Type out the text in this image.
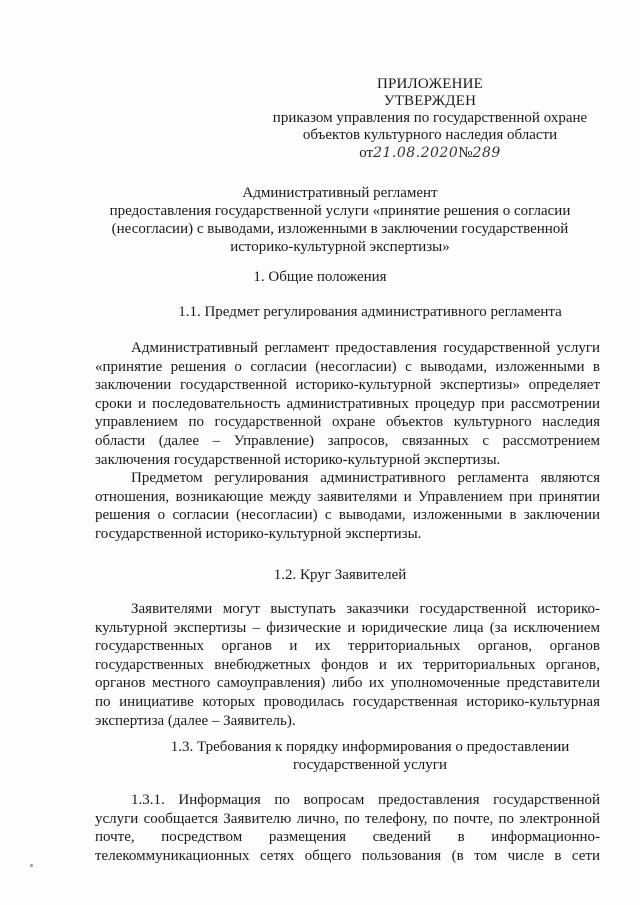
ПРИЛОЖЕНИЕ
УТВЕРЖДЕН
приказом управления по государственной охране
объектов культурного наследия области
от21.08.2020№289
Административный регламент
предоставления государственной услуги «принятие решения о согласии
(несогласии) с выводами, изложенными в заключении государственной
историко-культурной экспертизы»
1. Общие положения
1.1. Предмет регулирования административного регламента
Административный регламент предоставления государственной услуги
«принятие решения о согласии (несогласии) с выводами, изложенными в
заключении государственной историко-культурной экспертизы» определяет
сроки и последовательность административных процедур при рассмотрении
управлением по государственной охране объектов культурного наследия
области (далее – Управление) запросов, связанных с рассмотрением
заключения государственной историко-культурной экспертизы.
Предметом регулирования административного регламента являются
отношения, возникающие между заявителями и Управлением при принятии
решения о согласии (несогласии) с выводами, изложенными в заключении
государственной историко-культурной экспертизы.
1.2. Круг Заявителей
Заявителями могут выступать заказчики государственной историко-
культурной экспертизы – физические и юридические лица (за исключением
государственных органов и их территориальных органов, органов
государственных внебюджетных фондов и их территориальных органов,
органов местного самоуправления) либо их уполномоченные представители
по инициативе которых проводилась государственная историко-культурная
экспертиза (далее – Заявитель).
1.3. Требования к порядку информирования о предоставлении
государственной услуги
1.3.1. Информация по вопросам предоставления государственной
услуги сообщается Заявителю лично, по телефону, по почте, по электронной
почте, посредством размещения сведений в информационно-
телекоммуникационных сетях общего пользования (в том числе в сети
